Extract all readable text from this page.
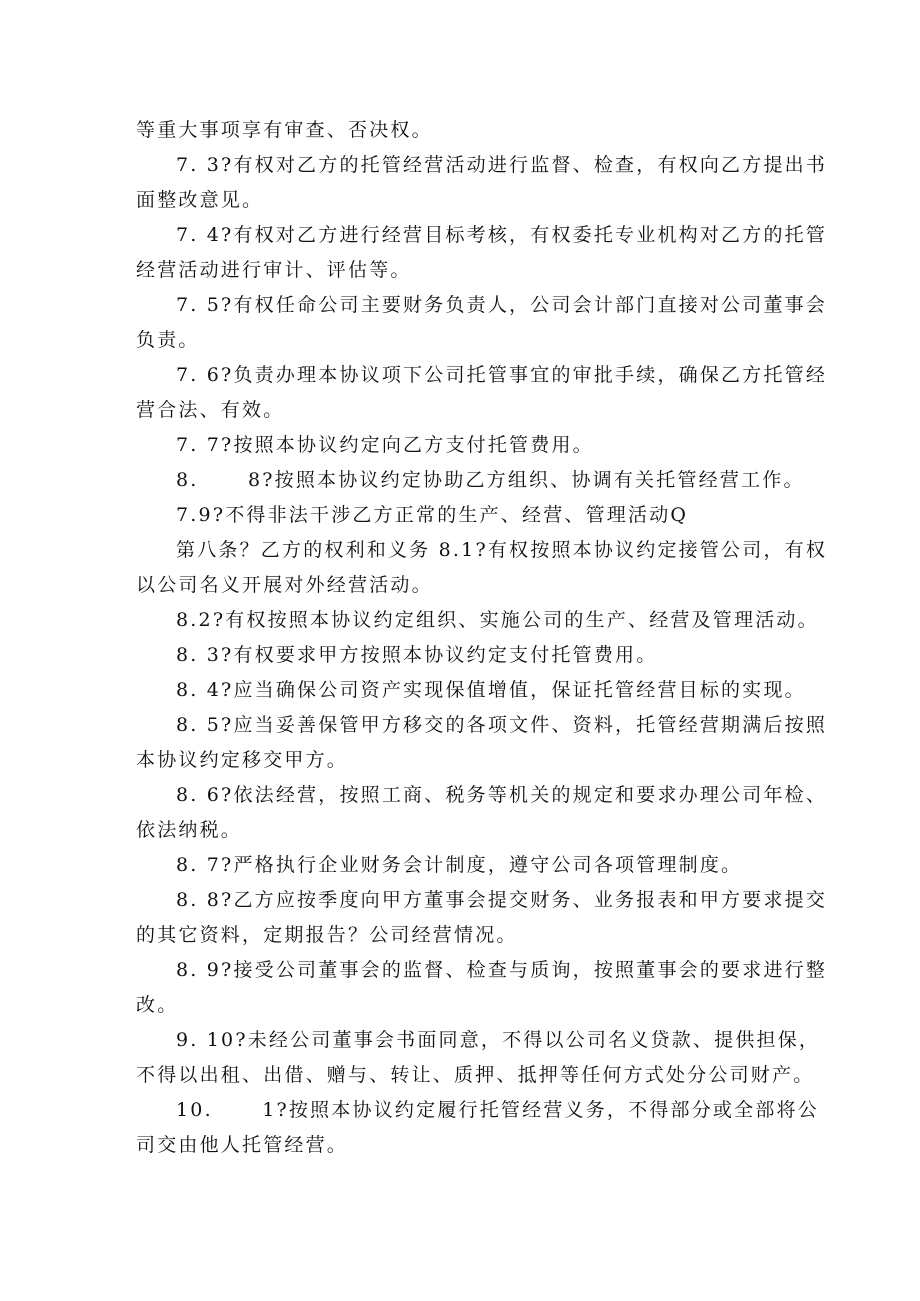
等重大事项享有审查、否决权。
7. 3?有权对乙方的托管经营活动进行监督、检查，有权向乙方提出书
面整改意见。
7. 4?有权对乙方进行经营目标考核，有权委托专业机构对乙方的托管
经营活动进行审计、评估等。
7. 5?有权任命公司主要财务负责人，公司会计部门直接对公司董事会
负责。
7. 6?负责办理本协议项下公司托管事宜的审批手续，确保乙方托管经
营合法、有效。
7. 7?按照本协议约定向乙方支付托管费用。
8.      8?按照本协议约定协助乙方组织、协调有关托管经营工作。
7.9?不得非法干涉乙方正常的生产、经营、管理活动Q
第八条？乙方的权利和义务 8.1?有权按照本协议约定接管公司，有权
以公司名义开展对外经营活动。
8.2?有权按照本协议约定组织、实施公司的生产、经营及管理活动。
8. 3?有权要求甲方按照本协议约定支付托管费用。
8. 4?应当确保公司资产实现保值增值，保证托管经营目标的实现。
8. 5?应当妥善保管甲方移交的各项文件、资料，托管经营期满后按照
本协议约定移交甲方。
8. 6?依法经营，按照工商、税务等机关的规定和要求办理公司年检、
依法纳税。
8. 7?严格执行企业财务会计制度，遵守公司各项管理制度。
8. 8?乙方应按季度向甲方董事会提交财务、业务报表和甲方要求提交
的其它资料，定期报告？公司经营情况。
8. 9?接受公司董事会的监督、检查与质询，按照董事会的要求进行整
改。
9. 10?未经公司董事会书面同意，不得以公司名义贷款、提供担保，
不得以出租、出借、赠与、转让、质押、抵押等任何方式处分公司财产。
10.      1?按照本协议约定履行托管经营义务，不得部分或全部将公
司交由他人托管经营。
